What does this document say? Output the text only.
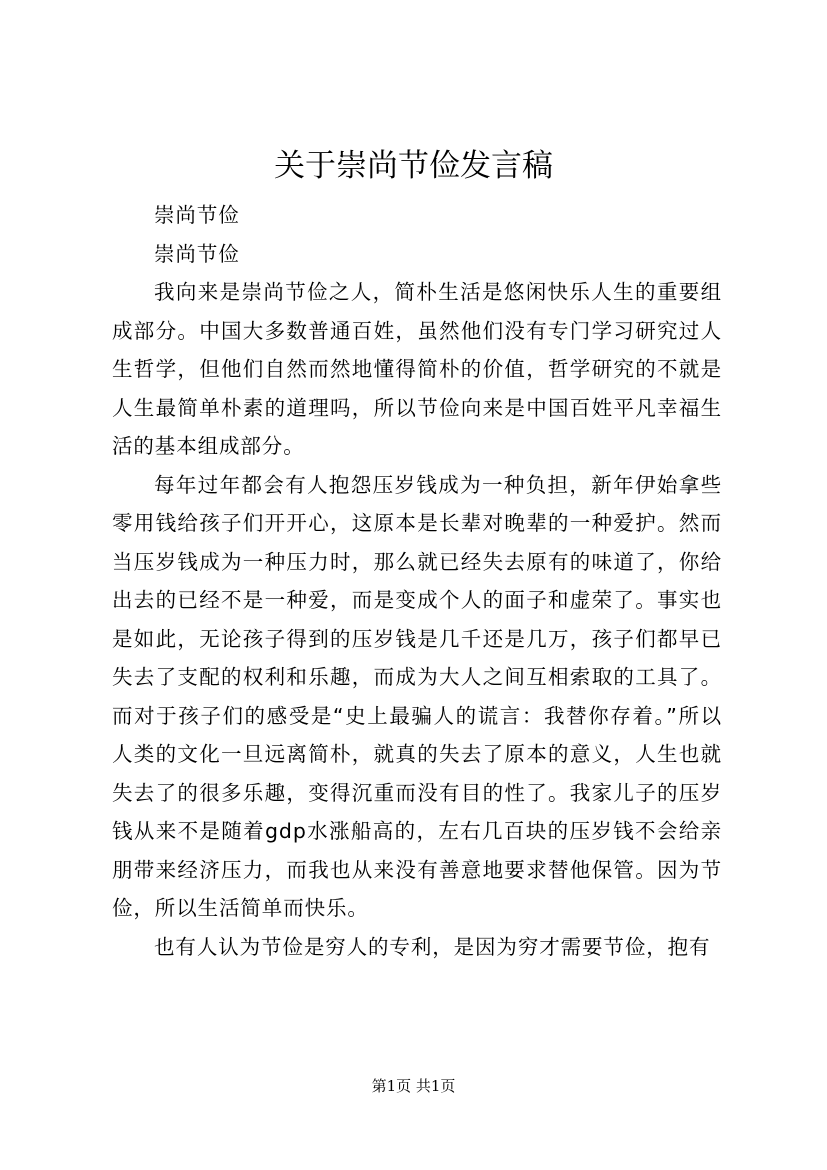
关于崇尚节俭发言稿

崇尚节俭

崇尚节俭

我向来是崇尚节俭之人，简朴生活是悠闲快乐人生的重要组成部分。中国大多数普通百姓，虽然他们没有专门学习研究过人生哲学，但他们自然而然地懂得简朴的价值，哲学研究的不就是人生最简单朴素的道理吗，所以节俭向来是中国百姓平凡幸福生活的基本组成部分。

每年过年都会有人抱怨压岁钱成为一种负担，新年伊始拿些零用钱给孩子们开开心，这原本是长辈对晚辈的一种爱护。然而当压岁钱成为一种压力时，那么就已经失去原有的味道了，你给出去的已经不是一种爱，而是变成个人的面子和虚荣了。事实也是如此，无论孩子得到的压岁钱是几千还是几万，孩子们都早已失去了支配的权利和乐趣，而成为大人之间互相索取的工具了。而对于孩子们的感受是“史上最骗人的谎言：我替你存着。”所以人类的文化一旦远离简朴，就真的失去了原本的意义，人生也就失去了的很多乐趣，变得沉重而没有目的性了。我家儿子的压岁钱从来不是随着gdp水涨船高的，左右几百块的压岁钱不会给亲朋带来经济压力，而我也从来没有善意地要求替他保管。因为节俭，所以生活简单而快乐。

也有人认为节俭是穷人的专利，是因为穷才需要节俭，抱有

第1页 共1页
